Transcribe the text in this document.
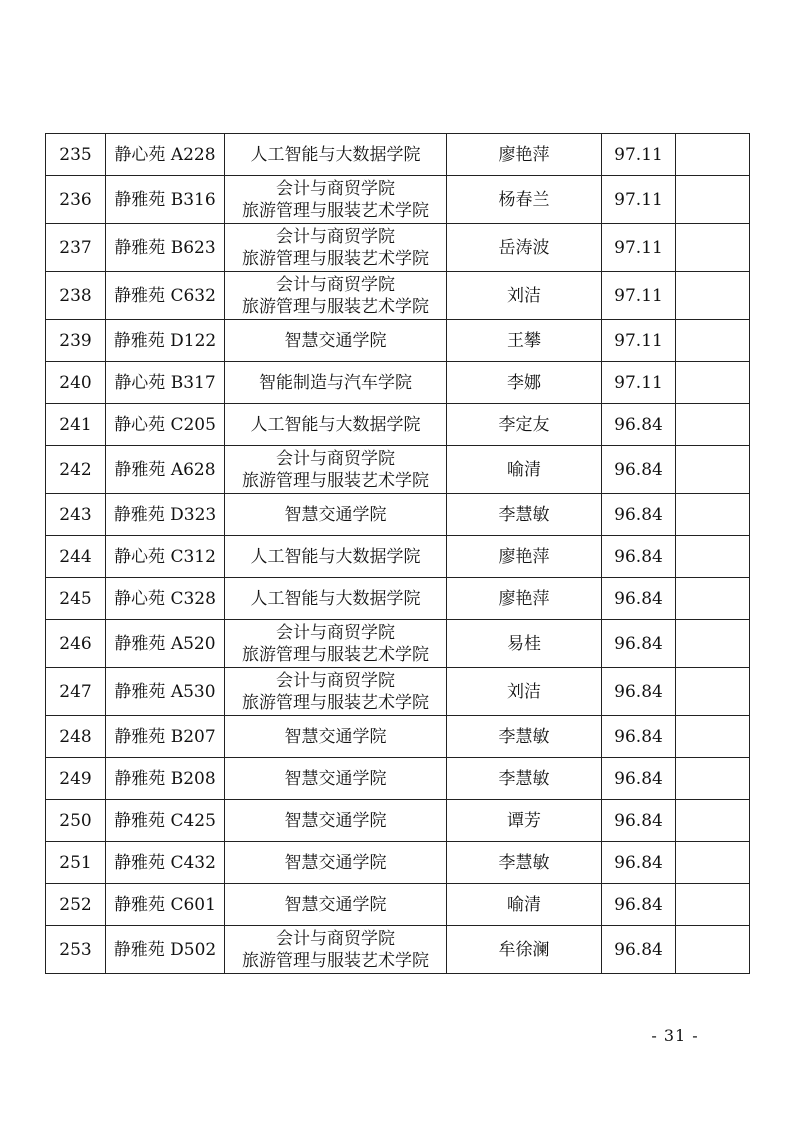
235	静心苑 A228	人工智能与大数据学院	廖艳萍	97.11	
236	静雅苑 B316	会计与商贸学院
旅游管理与服装艺术学院	杨春兰	97.11	
237	静雅苑 B623	会计与商贸学院
旅游管理与服装艺术学院	岳涛波	97.11	
238	静雅苑 C632	会计与商贸学院
旅游管理与服装艺术学院	刘洁	97.11	
239	静雅苑 D122	智慧交通学院	王攀	97.11	
240	静心苑 B317	智能制造与汽车学院	李娜	97.11	
241	静心苑 C205	人工智能与大数据学院	李定友	96.84	
242	静雅苑 A628	会计与商贸学院
旅游管理与服装艺术学院	喻清	96.84	
243	静雅苑 D323	智慧交通学院	李慧敏	96.84	
244	静心苑 C312	人工智能与大数据学院	廖艳萍	96.84	
245	静心苑 C328	人工智能与大数据学院	廖艳萍	96.84	
246	静雅苑 A520	会计与商贸学院
旅游管理与服装艺术学院	易桂	96.84	
247	静雅苑 A530	会计与商贸学院
旅游管理与服装艺术学院	刘洁	96.84	
248	静雅苑 B207	智慧交通学院	李慧敏	96.84	
249	静雅苑 B208	智慧交通学院	李慧敏	96.84	
250	静雅苑 C425	智慧交通学院	谭芳	96.84	
251	静雅苑 C432	智慧交通学院	李慧敏	96.84	
252	静雅苑 C601	智慧交通学院	喻清	96.84	
253	静雅苑 D502	会计与商贸学院
旅游管理与服装艺术学院	牟徐澜	96.84	
- 31 -
